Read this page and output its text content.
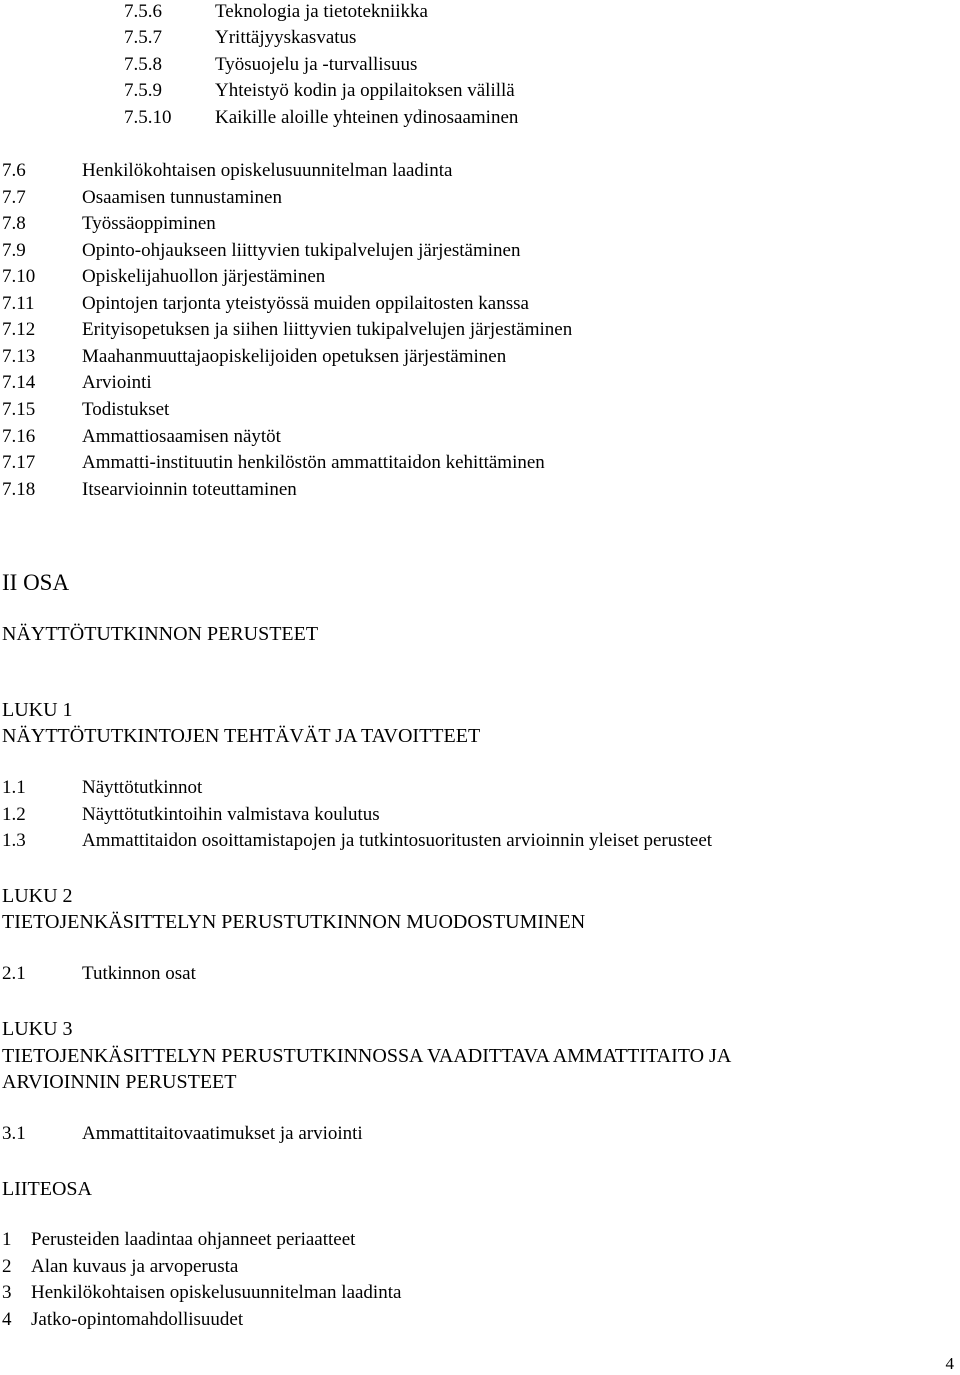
7.5.6	Teknologia ja tietotekniikka
7.5.7	Yrittäjyyskasvatus
7.5.8	Työsuojelu ja -turvallisuus
7.5.9	Yhteistyö kodin ja oppilaitoksen välillä
7.5.10 Kaikille aloille yhteinen ydinosaaminen
7.6	Henkilökohtaisen opiskelusuunnitelman laadinta
7.7	Osaamisen tunnustaminen
7.8	Työssäoppiminen
7.9	Opinto-ohjaukseen liittyvien tukipalvelujen järjestäminen
7.10 Opiskelijahuollon järjestäminen
7.11 Opintojen tarjonta yteistyössä muiden oppilaitosten kanssa
7.12 Erityisopetuksen ja siihen liittyvien tukipalvelujen järjestäminen
7.13 Maahanmuuttajaopiskelijoiden opetuksen järjestäminen
7.14 Arviointi
7.15 Todistukset
7.16 Ammattiosaamisen näytöt
7.17 Ammatti-instituutin henkilöstön ammattitaidon kehittäminen
7.18 Itsearvioinnin toteuttaminen
II OSA
NÄYTTÖTUTKINNON PERUSTEET
LUKU 1
NÄYTTÖTUTKINTOJEN TEHTÄVÄT JA TAVOITTEET
1.1	Näyttötutkinnot
1.2	Näyttötutkintoihin valmistava koulutus
1.3	Ammattitaidon osoittamistapojen ja tutkintosuoritusten arvioinnin yleiset perusteet
LUKU 2
TIETOJENKÄSITTELYN PERUSTUTKINNON MUODOSTUMINEN
2.1	Tutkinnon osat
LUKU 3
TIETOJENKÄSITTELYN PERUSTUTKINNOSSA VAADITTAVA AMMATTITAITO JA
ARVIOINNIN PERUSTEET
3.1	Ammattitaitovaatimukset ja arviointi
LIITEOSA
1 Perusteiden laadintaa ohjanneet periaatteet
2 Alan kuvaus ja arvoperusta
3 Henkilökohtaisen opiskelusuunnitelman laadinta
4 Jatko-opintomahdollisuudet
4
